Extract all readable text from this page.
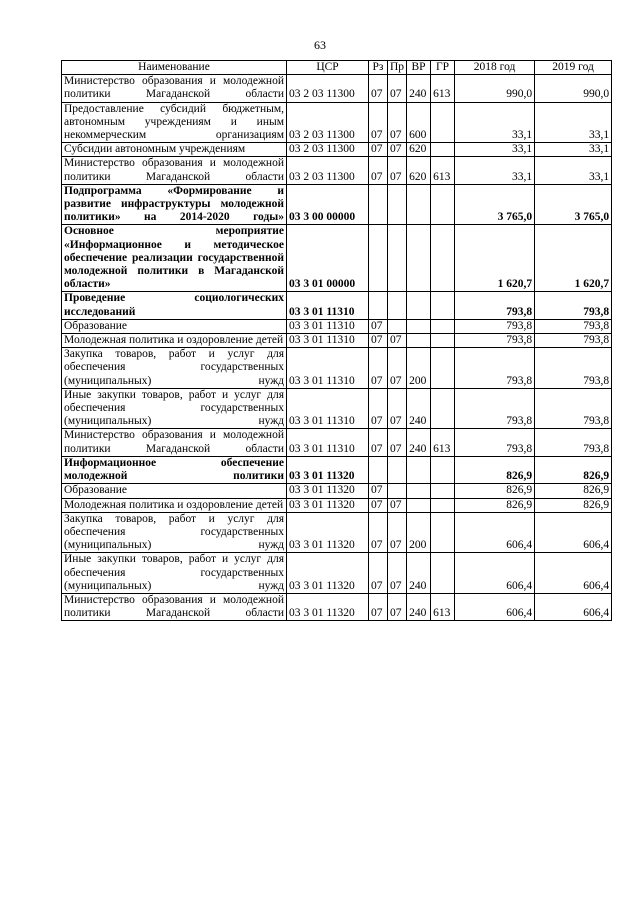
63
Наименование	ЦСР	Рз	Пр	ВР	ГР	2018 год	2019 год
Министерство образования и молодежной политики Магаданской области	03 2 03 11300	07	07	240	613	990,0	990,0
Предоставление субсидий бюджетным, автономным учреждениям и иным некоммерческим организациям	03 2 03 11300	07	07	600		33,1	33,1
Субсидии автономным учреждениям	03 2 03 11300	07	07	620		33,1	33,1
Министерство образования и молодежной политики Магаданской области	03 2 03 11300	07	07	620	613	33,1	33,1
Подпрограмма «Формирование и развитие инфраструктуры молодежной политики» на 2014-2020 годы»	03 3 00 00000					3 765,0	3 765,0
Основное мероприятие «Информационное и методическое обеспечение реализации государственной молодежной политики в Магаданской области»	03 3 01 00000					1 620,7	1 620,7
Проведение социологических исследований	03 3 01 11310					793,8	793,8
Образование	03 3 01 11310	07				793,8	793,8
Молодежная политика и оздоровление детей	03 3 01 11310	07	07			793,8	793,8
Закупка товаров, работ и услуг для обеспечения государственных (муниципальных) нужд	03 3 01 11310	07	07	200		793,8	793,8
Иные закупки товаров, работ и услуг для обеспечения государственных (муниципальных) нужд	03 3 01 11310	07	07	240		793,8	793,8
Министерство образования и молодежной политики Магаданской области	03 3 01 11310	07	07	240	613	793,8	793,8
Информационное обеспечение молодежной политики	03 3 01 11320					826,9	826,9
Образование	03 3 01 11320	07				826,9	826,9
Молодежная политика и оздоровление детей	03 3 01 11320	07	07			826,9	826,9
Закупка товаров, работ и услуг для обеспечения государственных (муниципальных) нужд	03 3 01 11320	07	07	200		606,4	606,4
Иные закупки товаров, работ и услуг для обеспечения государственных (муниципальных) нужд	03 3 01 11320	07	07	240		606,4	606,4
Министерство образования и молодежной политики Магаданской области	03 3 01 11320	07	07	240	613	606,4	606,4
